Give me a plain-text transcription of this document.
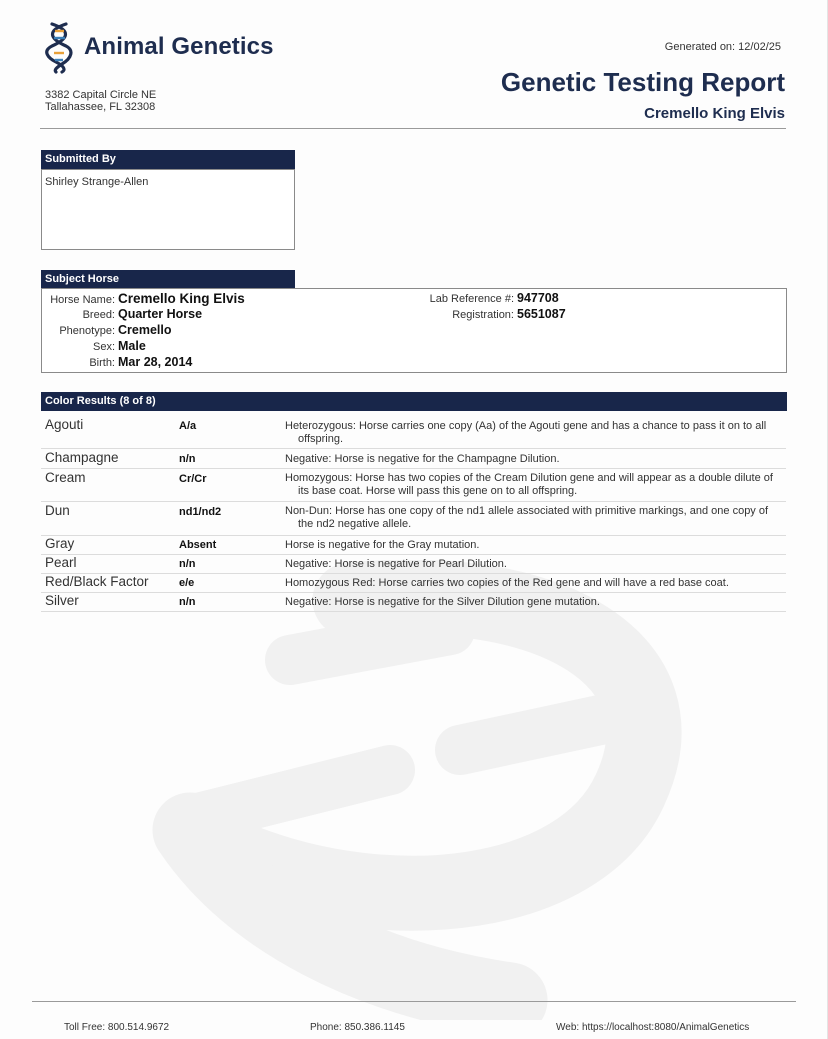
Animal Genetics
3382 Capital Circle NE
Tallahassee, FL 32308
Generated on: 12/02/25
Genetic Testing Report
Cremello King Elvis
Submitted By
Shirley Strange-Allen
Subject Horse
Horse Name: Cremello King Elvis
Breed: Quarter Horse
Phenotype: Cremello
Sex: Male
Birth: Mar 28, 2014
Lab Reference #: 947708
Registration: 5651087
Color Results (8 of 8)
Agouti	A/a	Heterozygous: Horse carries one copy (Aa) of the Agouti gene and has a chance to pass it on to all offspring.
Champagne	n/n	Negative: Horse is negative for the Champagne Dilution.
Cream	Cr/Cr	Homozygous: Horse has two copies of the Cream Dilution gene and will appear as a double dilute of its base coat. Horse will pass this gene on to all offspring.
Dun	nd1/nd2	Non-Dun: Horse has one copy of the nd1 allele associated with primitive markings, and one copy of the nd2 negative allele.
Gray	Absent	Horse is negative for the Gray mutation.
Pearl	n/n	Negative: Horse is negative for Pearl Dilution.
Red/Black Factor	e/e	Homozygous Red: Horse carries two copies of the Red gene and will have a red base coat.
Silver	n/n	Negative: Horse is negative for the Silver Dilution gene mutation.
Toll Free: 800.514.9672	Phone: 850.386.1145	Web: https://localhost:8080/AnimalGenetics
